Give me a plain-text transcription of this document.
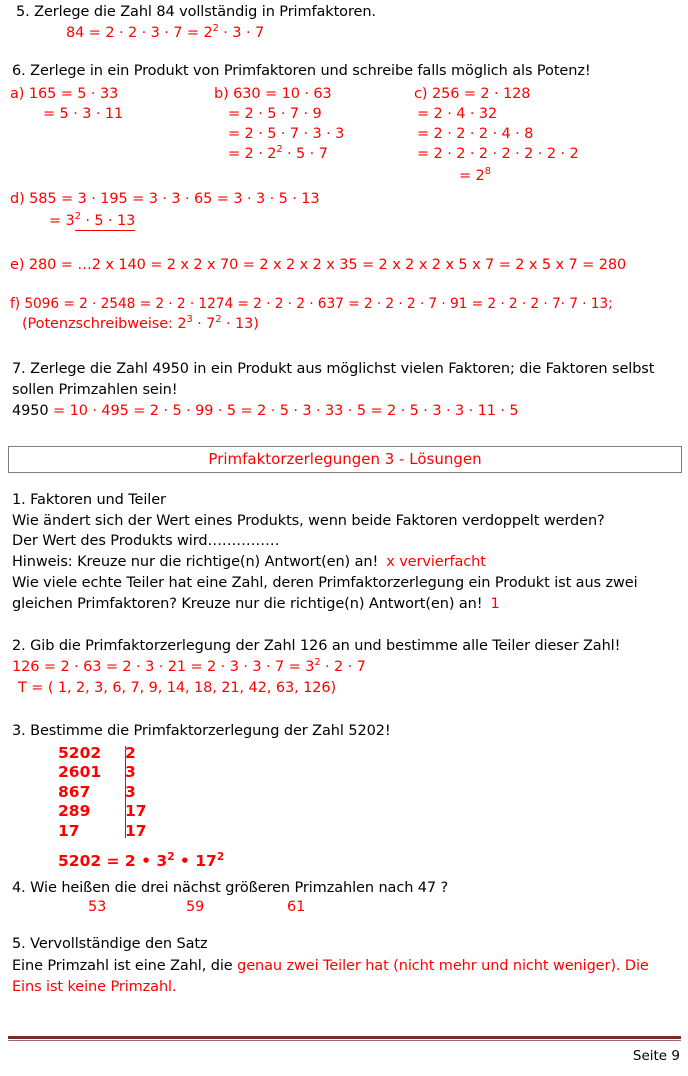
5. Zerlege die Zahl 84 vollständig in Primfaktoren.
$84 = 2 \cdot 2 \cdot 3 \cdot 7 = 2^2 \cdot 3 \cdot 7$
6. Zerlege in ein Produkt von Primfaktoren und schreibe falls möglich als Potenz!
a) 165 = 5 · 33
= 5 · 3 · 11
b) 630 = 10 · 63
= 2 · 5 · 7 · 9
= 2 · 5 · 7 · 3 · 3
= $2 \cdot 2^2 \cdot 5 \cdot 7$
c) 256 = 2 · 128
= 2 · 4 · 32
= 2 · 2 · 2 · 4 · 8
= 2 · 2 · 2 · 2 · 2 · 2 · 2
= $2^8$
d) 585 = 3 · 195 = 3 · 3 · 65 = 3 · 3 · 5 · 13
= $3^2 \cdot 5 \cdot 13$
e) 280 = …2 x 140 = 2 x 2 x 70 = 2 x 2 x 2 x 35 = 2 x 2 x 2 x 5 x 7 = 2 x 5 x 7 = 280
f) 5096 = 2 · 2548 = 2 · 2 · 1274 = 2 · 2 · 2 · 637 = 2 · 2 · 2 · 7 · 91 = 2 · 2 · 2 · 7· 7 · 13;
(Potenzschreibweise: $2^3 \cdot 7^2 \cdot 13$)
7. Zerlege die Zahl 4950 in ein Produkt aus möglichst vielen Faktoren; die Faktoren selbst
sollen Primzahlen sein!
4950 = 10 · 495 = 2 · 5 · 99 · 5 = 2 · 5 · 3 · 33 · 5 = 2 · 5 · 3 · 3 · 11 · 5
Primfaktorzerlegungen 3 - Lösungen
1. Faktoren und Teiler
Wie ändert sich der Wert eines Produkts, wenn beide Faktoren verdoppelt werden?
Der Wert des Produkts wird……………
Hinweis: Kreuze nur die richtige(n) Antwort(en) an! x vervierfacht
Wie viele echte Teiler hat eine Zahl, deren Primfaktorzerlegung ein Produkt ist aus zwei
gleichen Primfaktoren? Kreuze nur die richtige(n) Antwort(en) an! 1
2. Gib die Primfaktorzerlegung der Zahl 126 an und bestimme alle Teiler dieser Zahl!
$126 = 2 \cdot 63 = 2 \cdot 3 \cdot 21 = 2 \cdot 3 \cdot 3 \cdot 7 = 3^2 \cdot 2 \cdot 7$
T = ( 1, 2, 3, 6, 7, 9, 14, 18, 21, 42, 63, 126)
3. Bestimme die Primfaktorzerlegung der Zahl 5202!
5202 2
2601 3
867 3
289 17
17	17
5202 = 2 • $3^2$ • $17^2$
4. Wie heißen die drei nächst größeren Primzahlen nach 47 ?
53	59	61
5. Vervollständige den Satz
Eine Primzahl ist eine Zahl, die genau zwei Teiler hat (nicht mehr und nicht weniger). Die
Eins ist keine Primzahl.
Seite 9
